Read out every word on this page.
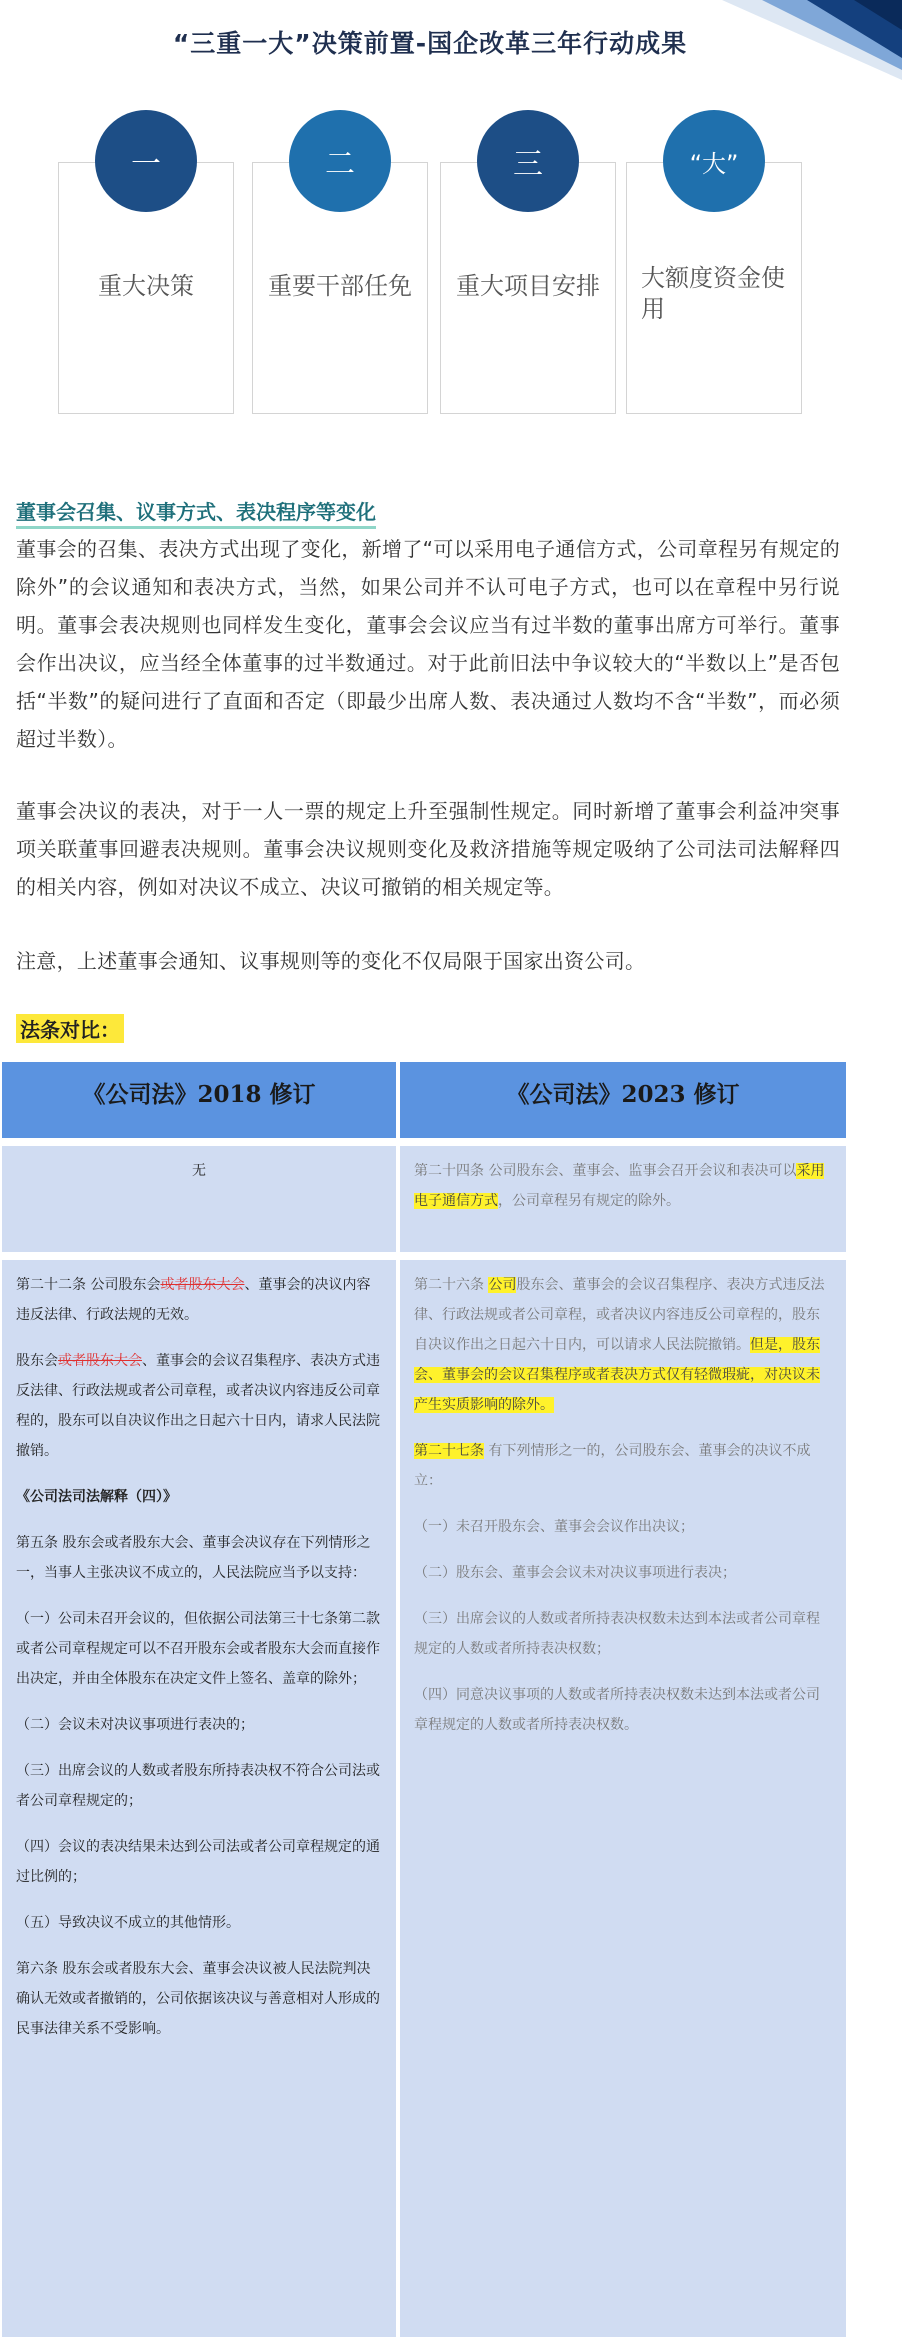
“三重一大”决策前置-国企改革三年行动成果
重大决策
一
重要干部任免
二
重大项目安排
三
大额度资金使用
“大”
董事会召集、议事方式、表决程序等变化
董事会的召集、表决方式出现了变化，新增了“可以采用电子通信方式，公司章程另有规定的除外”的会议通知和表决方式，当然，如果公司并不认可电子方式，也可以在章程中另行说明。董事会表决规则也同样发生变化，董事会会议应当有过半数的董事出席方可举行。董事会作出决议，应当经全体董事的过半数通过。对于此前旧法中争议较大的“半数以上”是否包括“半数”的疑问进行了直面和否定（即最少出席人数、表决通过人数均不含“半数”，而必须超过半数）。
董事会决议的表决，对于一人一票的规定上升至强制性规定。同时新增了董事会利益冲突事项关联董事回避表决规则。董事会决议规则变化及救济措施等规定吸纳了公司法司法解释四的相关内容，例如对决议不成立、决议可撤销的相关规定等。
注意，上述董事会通知、议事规则等的变化不仅局限于国家出资公司。
法条对比：
《公司法》2018 修订	《公司法》2023 修订
无	第二十四条 公司股东会、董事会、监事会召开会议和表决可以采用电子通信方式，公司章程另有规定的除外。

第二十二条 公司股东会或者股东大会、董事会的决议内容违反法律、行政法规的无效。

股东会或者股东大会、董事会的会议召集程序、表决方式违反法律、行政法规或者公司章程，或者决议内容违反公司章程的，股东可以自决议作出之日起六十日内，请求人民法院撤销。

《公司法司法解释（四）》

第五条 股东会或者股东大会、董事会决议存在下列情形之一，当事人主张决议不成立的，人民法院应当予以支持：

（一）公司未召开会议的，但依据公司法第三十七条第二款或者公司章程规定可以不召开股东会或者股东大会而直接作出决定，并由全体股东在决定文件上签名、盖章的除外；

（二）会议未对决议事项进行表决的；

（三）出席会议的人数或者股东所持表决权不符合公司法或者公司章程规定的；

（四）会议的表决结果未达到公司法或者公司章程规定的通过比例的；

（五）导致决议不成立的其他情形。

第六条 股东会或者股东大会、董事会决议被人民法院判决确认无效或者撤销的，公司依据该决议与善意相对人形成的民事法律关系不受影响。

第二十六条 公司股东会、董事会的会议召集程序、表决方式违反法律、行政法规或者公司章程，或者决议内容违反公司章程的，股东自决议作出之日起六十日内，可以请求人民法院撤销。但是，股东会、董事会的会议召集程序或者表决方式仅有轻微瑕疵，对决议未产生实质影响的除外。

第二十七条 有下列情形之一的，公司股东会、董事会的决议不成立：

（一）未召开股东会、董事会会议作出决议；

（二）股东会、董事会会议未对决议事项进行表决；

（三）出席会议的人数或者所持表决权数未达到本法或者公司章程规定的人数或者所持表决权数；

（四）同意决议事项的人数或者所持表决权数未达到本法或者公司章程规定的人数或者所持表决权数。
